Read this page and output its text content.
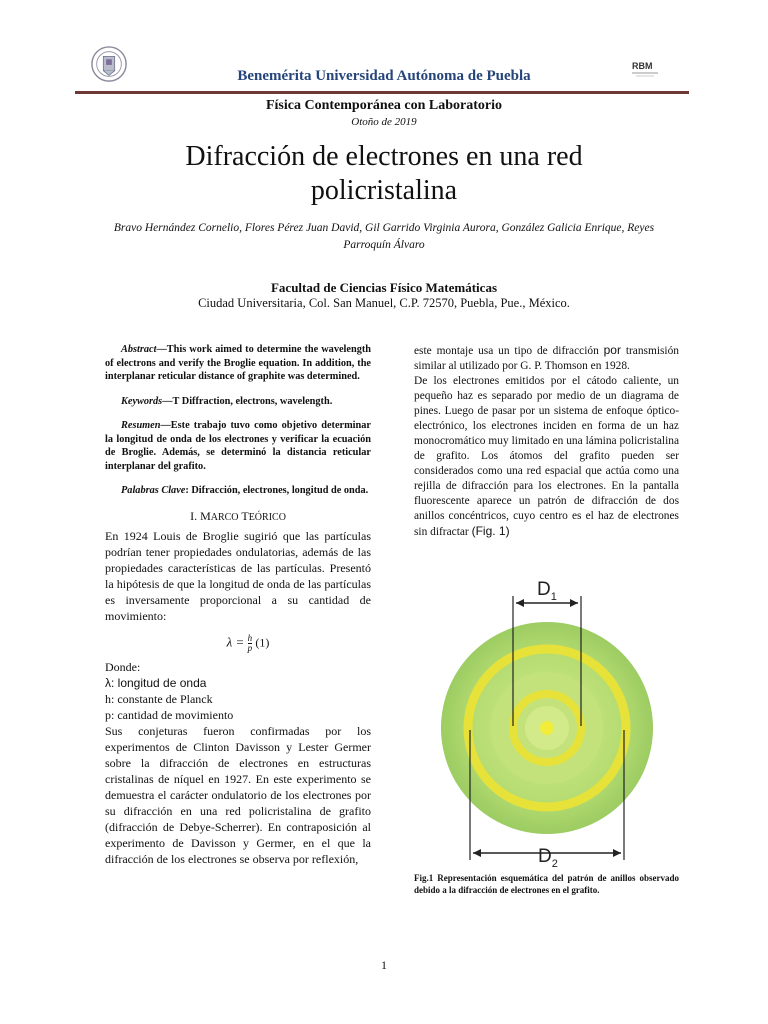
RBM
Benemérita Universidad Autónoma de Puebla
Física Contemporánea con Laboratorio
Otoño de 2019
Difracción de electrones en una red policristalina
Bravo Hernández Cornelio, Flores Pérez Juan David, Gil Garrido Virginia Aurora, González Galicia Enrique, Reyes Parroquín Álvaro
Facultad de Ciencias Físico Matemáticas
Ciudad Universitaria, Col. San Manuel, C.P. 72570, Puebla, Pue., México.

Abstract—This work aimed to determine the wavelength of electrons and verify the Broglie equation. In addition, the interplanar reticular distance of graphite was determined.

Keywords—T Diffraction, electrons, wavelength.

Resumen—Este trabajo tuvo como objetivo determinar la longitud de onda de los electrones y verificar la ecuación de Broglie. Además, se determinó la distancia reticular interplanar del grafito.

Palabras Clave: Difracción, electrones, longitud de onda.

I. MARCO TEÓRICO

En 1924 Louis de Broglie sugirió que las partículas podrían tener propiedades ondulatorias, además de las propiedades características de las partículas. Presentó la hipótesis de que la longitud de onda de las partículas es inversamente proporcional a su cantidad de movimiento:

$\lambda = \frac{h}{p} (1)$

Donde:

λ: longitud de onda

h: constante de Planck

p: cantidad de movimiento

Sus conjeturas fueron confirmadas por los experimentos de Clinton Davisson y Lester Germer sobre la difracción de electrones en estructuras cristalinas de níquel en 1927. En este experimento se demuestra el carácter ondulatorio de los electrones por su difracción en una red policristalina de grafito (difracción de Debye-Scherrer). En contraposición al experimento de Davisson y Germer, en el que la difracción de los electrones se observa por reflexión,

este montaje usa un tipo de difracción por transmisión similar al utilizado por G. P. Thomson en 1928.

De los electrones emitidos por el cátodo caliente, un pequeño haz es separado por medio de un diagrama de pines. Luego de pasar por un sistema de enfoque óptico-electrónico, los electrones inciden en forma de un haz monocromático muy limitado en una lámina policristalina de grafito. Los átomos del grafito pueden ser considerados como una red espacial que actúa como una rejilla de difracción para los electrones. En la pantalla fluorescente aparece un patrón de difracción de dos anillos concéntricos, cuyo centro es el haz de electrones sin difractar (Fig. 1)

$D_1$
$D_2$
Fig.1 Representación esquemática del patrón de anillos observado debido a la difracción de electrones en el grafito.
1
